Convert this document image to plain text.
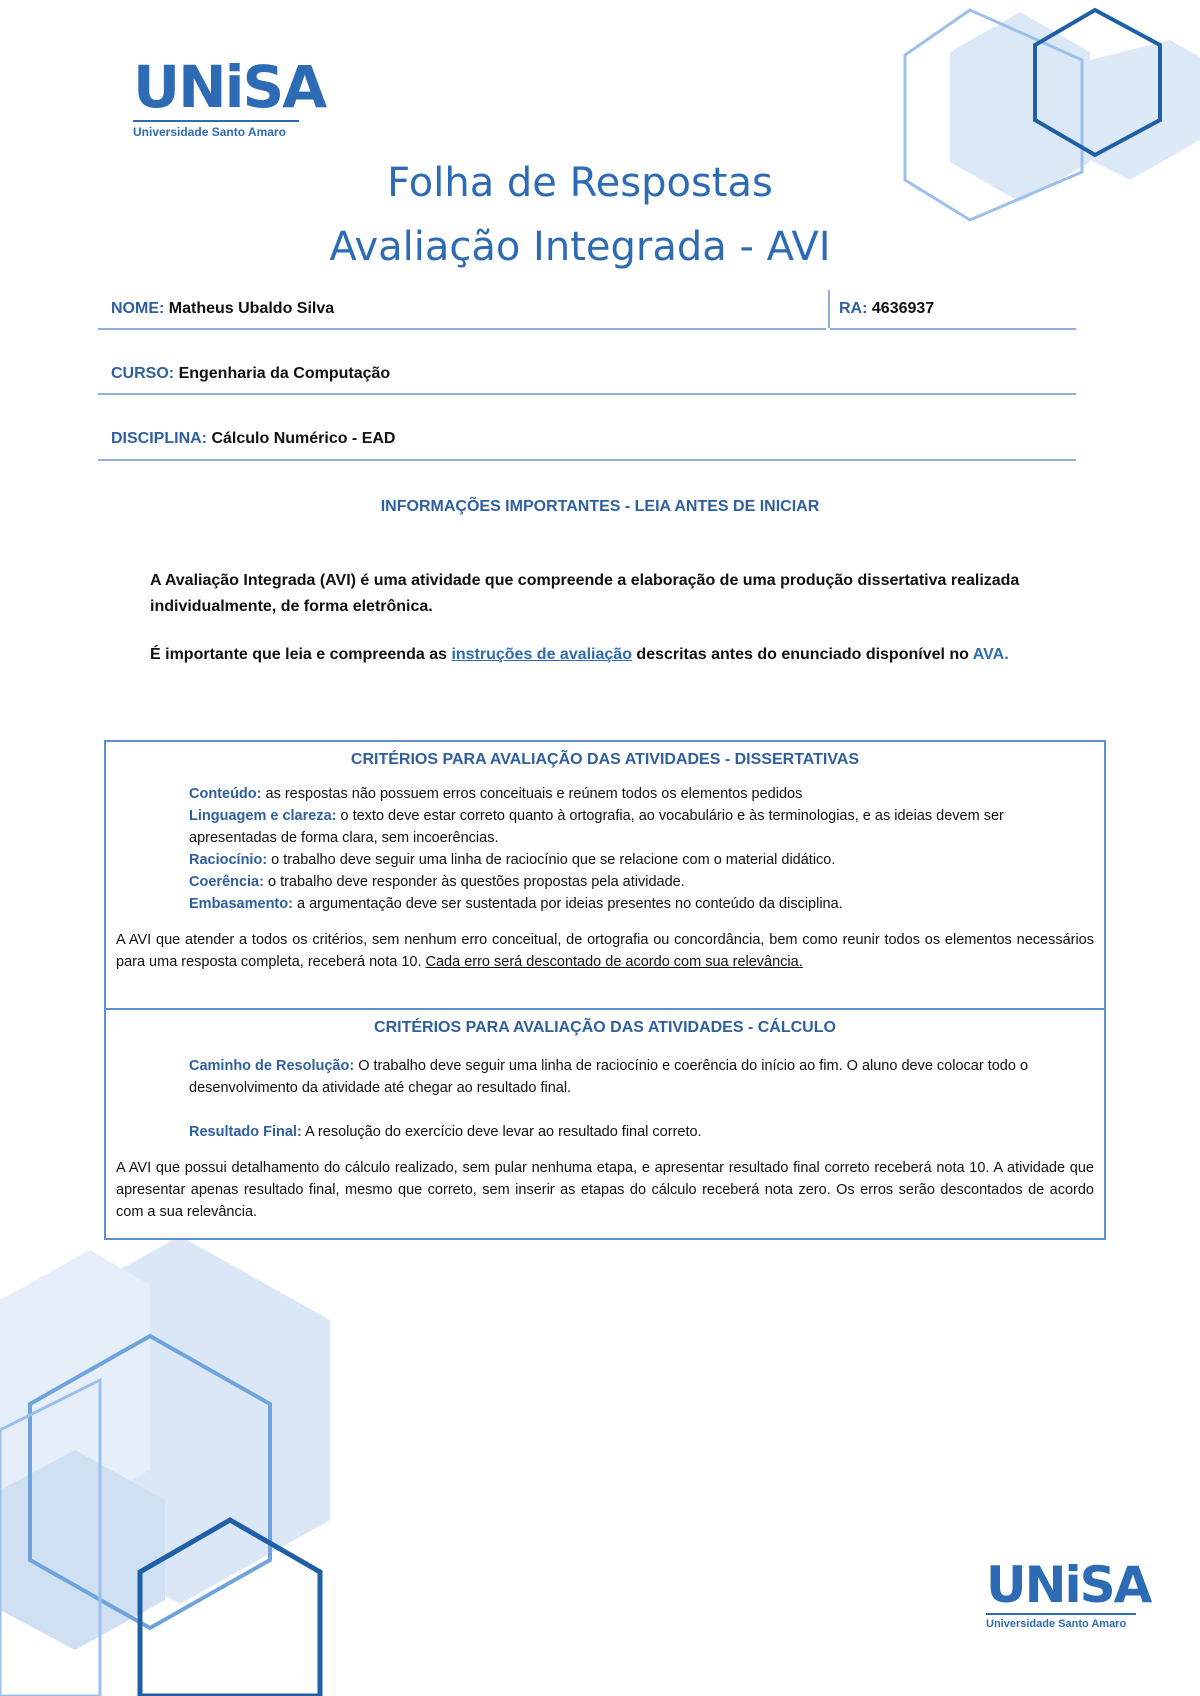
UNiSA
Universidade Santo Amaro
Folha de Respostas
Avaliação Integrada - AVI
NOME: Matheus Ubaldo Silva	RA: 4636937
CURSO: Engenharia da Computação
DISCIPLINA: Cálculo Numérico - EAD
INFORMAÇÕES IMPORTANTES - LEIA ANTES DE INICIAR
A Avaliação Integrada (AVI) é uma atividade que compreende a elaboração de uma produção dissertativa realizada individualmente, de forma eletrônica.
É importante que leia e compreenda as instruções de avaliação descritas antes do enunciado disponível no AVA.
CRITÉRIOS PARA AVALIAÇÃO DAS ATIVIDADES - DISSERTATIVAS
Conteúdo: as respostas não possuem erros conceituais e reúnem todos os elementos pedidos
Linguagem e clareza: o texto deve estar correto quanto à ortografia, ao vocabulário e às terminologias, e as ideias devem ser apresentadas de forma clara, sem incoerências.
Raciocínio: o trabalho deve seguir uma linha de raciocínio que se relacione com o material didático.
Coerência: o trabalho deve responder às questões propostas pela atividade.
Embasamento: a argumentação deve ser sustentada por ideias presentes no conteúdo da disciplina.
A AVI que atender a todos os critérios, sem nenhum erro conceitual, de ortografia ou concordância, bem como reunir todos os elementos necessários para uma resposta completa, receberá nota 10. Cada erro será descontado de acordo com sua relevância.
CRITÉRIOS PARA AVALIAÇÃO DAS ATIVIDADES - CÁLCULO
Caminho de Resolução: O trabalho deve seguir uma linha de raciocínio e coerência do início ao fim. O aluno deve colocar todo o desenvolvimento da atividade até chegar ao resultado final.
Resultado Final: A resolução do exercício deve levar ao resultado final correto.
A AVI que possui detalhamento do cálculo realizado, sem pular nenhuma etapa, e apresentar resultado final correto receberá nota 10. A atividade que apresentar apenas resultado final, mesmo que correto, sem inserir as etapas do cálculo receberá nota zero. Os erros serão descontados de acordo com a sua relevância.
UNiSA
Universidade Santo Amaro
